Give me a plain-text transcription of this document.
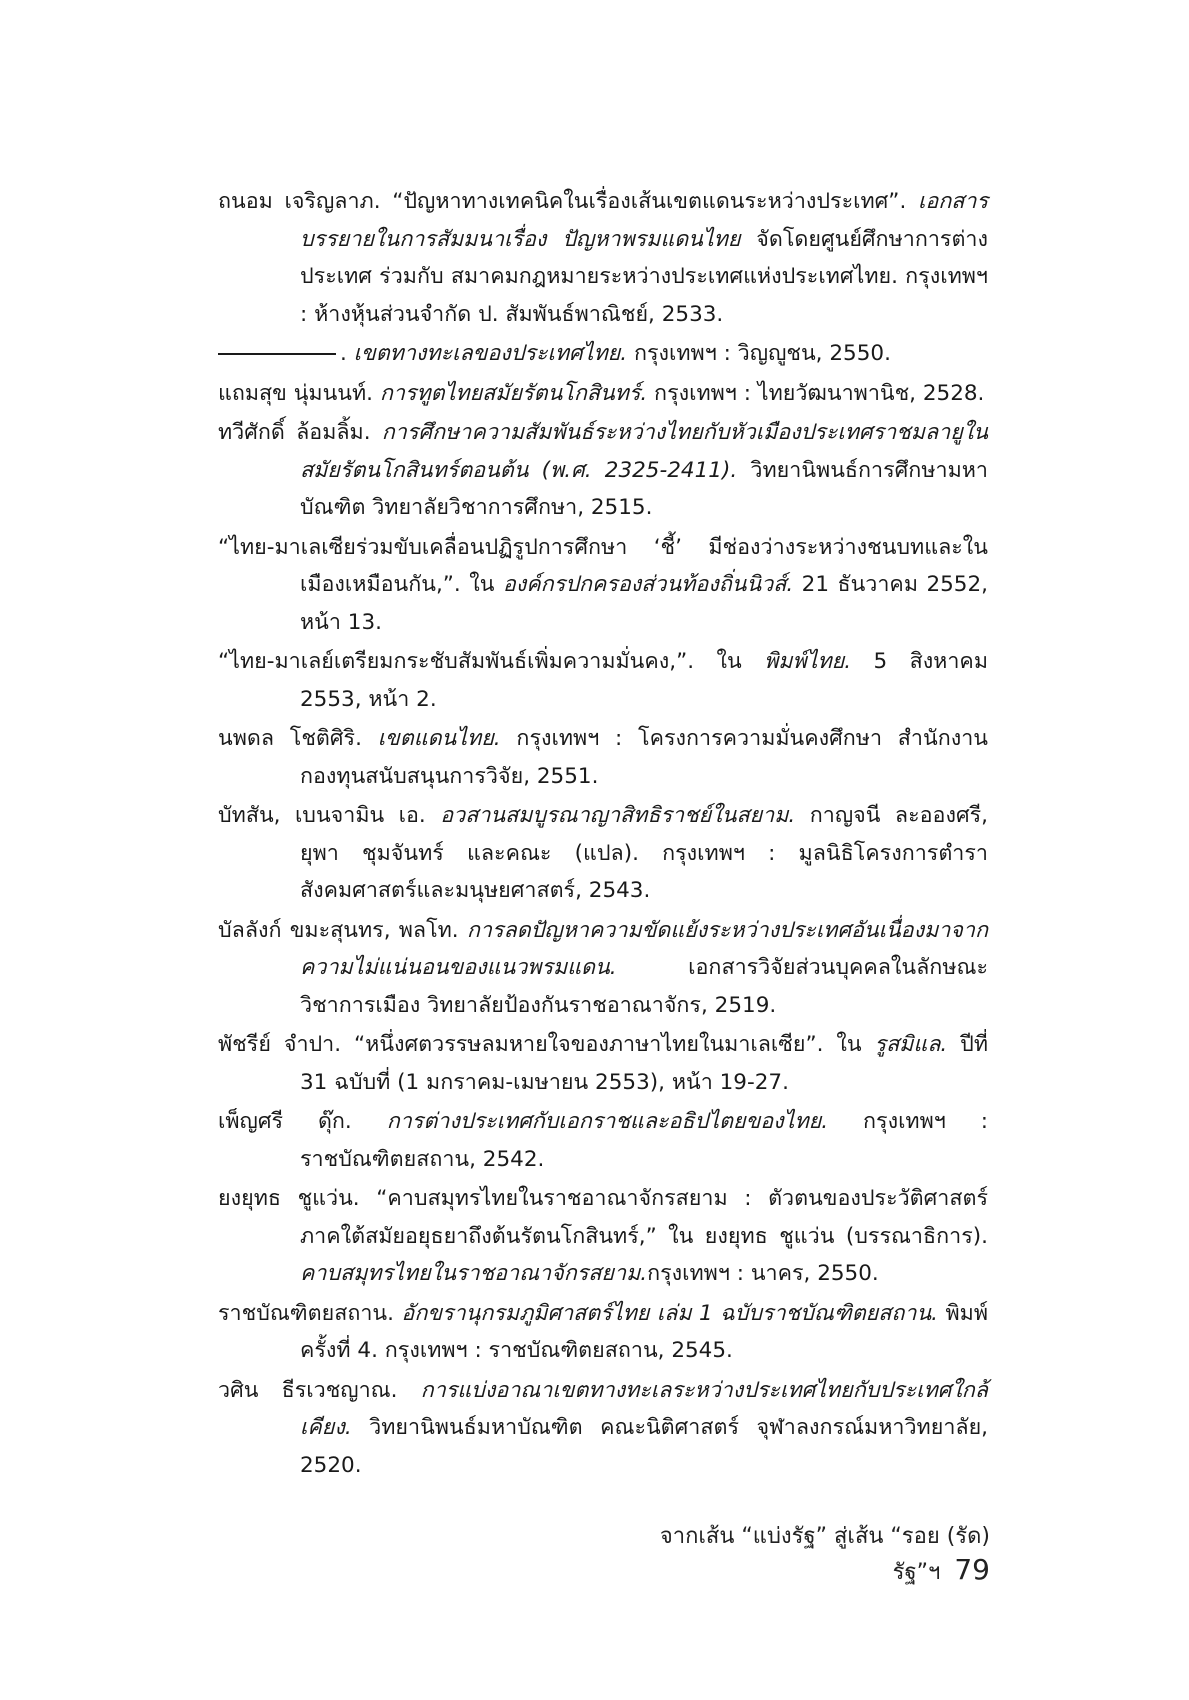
ถนอม เจริญลาภ. “ปัญหาทางเทคนิคในเรื่องเส้นเขตแดนระหว่างประเทศ”. เอกสารบรรยายในการสัมมนาเรื่อง ปัญหาพรมแดนไทย จัดโดยศูนย์ศึกษาการต่างประเทศ ร่วมกับ สมาคมกฎหมายระหว่างประเทศแห่งประเทศไทย. กรุงเทพฯ : ห้างหุ้นส่วนจำกัด ป. สัมพันธ์พาณิชย์, 2533.

. เขตทางทะเลของประเทศไทย. กรุงเทพฯ : วิญญูชน, 2550.

แถมสุข นุ่มนนท์. การทูตไทยสมัยรัตนโกสินทร์. กรุงเทพฯ : ไทยวัฒนาพานิช, 2528.

ทวีศักดิ์ ล้อมลิ้ม. การศึกษาความสัมพันธ์ระหว่างไทยกับหัวเมืองประเทศราชมลายูในสมัยรัตนโกสินทร์ตอนต้น (พ.ศ. 2325-2411). วิทยานิพนธ์การศึกษามหาบัณฑิต วิทยาลัยวิชาการศึกษา, 2515.

“ไทย-มาเลเซียร่วมขับเคลื่อนปฏิรูปการศึกษา ‘ชี้’ มีช่องว่างระหว่างชนบทและในเมืองเหมือนกัน,”. ใน องค์กรปกครองส่วนท้องถิ่นนิวส์. 21 ธันวาคม 2552, หน้า 13.

“ไทย-มาเลย์เตรียมกระชับสัมพันธ์เพิ่มความมั่นคง,”. ใน พิมพ์ไทย. 5 สิงหาคม 2553, หน้า 2.

นพดล โชติศิริ. เขตแดนไทย. กรุงเทพฯ : โครงการความมั่นคงศึกษา สำนักงานกองทุนสนับสนุนการวิจัย, 2551.

บัทสัน, เบนจามิน เอ. อวสานสมบูรณาญาสิทธิราชย์ในสยาม. กาญจนี ละอองศรี, ยุพา ชุมจันทร์ และคณะ (แปล). กรุงเทพฯ : มูลนิธิโครงการตำราสังคมศาสตร์และมนุษยศาสตร์, 2543.

บัลลังก์ ขมะสุนทร, พลโท. การลดปัญหาความขัดแย้งระหว่างประเทศอันเนื่องมาจากความไม่แน่นอนของแนวพรมแดน. เอกสารวิจัยส่วนบุคคลในลักษณะวิชาการเมือง วิทยาลัยป้องกันราชอาณาจักร, 2519.

พัชรีย์ จำปา. “หนึ่งศตวรรษลมหายใจของภาษาไทยในมาเลเซีย”. ใน รูสมิแล. ปีที่ 31 ฉบับที่ (1 มกราคม-เมษายน 2553), หน้า 19-27.

เพ็ญศรี ดุ๊ก. การต่างประเทศกับเอกราชและอธิปไตยของไทย. กรุงเทพฯ : ราชบัณฑิตยสถาน, 2542.

ยงยุทธ ชูแว่น. “คาบสมุทรไทยในราชอาณาจักรสยาม : ตัวตนของประวัติศาสตร์ภาคใต้สมัยอยุธยาถึงต้นรัตนโกสินทร์,” ใน ยงยุทธ ชูแว่น (บรรณาธิการ). คาบสมุทรไทยในราชอาณาจักรสยาม.กรุงเทพฯ : นาคร, 2550.

ราชบัณฑิตยสถาน. อักขรานุกรมภูมิศาสตร์ไทย เล่ม 1 ฉบับราชบัณฑิตยสถาน. พิมพ์ครั้งที่ 4. กรุงเทพฯ : ราชบัณฑิตยสถาน, 2545.

วศิน ธีรเวชญาณ. การแบ่งอาณาเขตทางทะเลระหว่างประเทศไทยกับประเทศใกล้เคียง. วิทยานิพนธ์มหาบัณฑิต คณะนิติศาสตร์ จุฬาลงกรณ์มหาวิทยาลัย, 2520.

จากเส้น “แบ่งรัฐ” สู่เส้น “รอย (รัด) รัฐ”ฯ 79
